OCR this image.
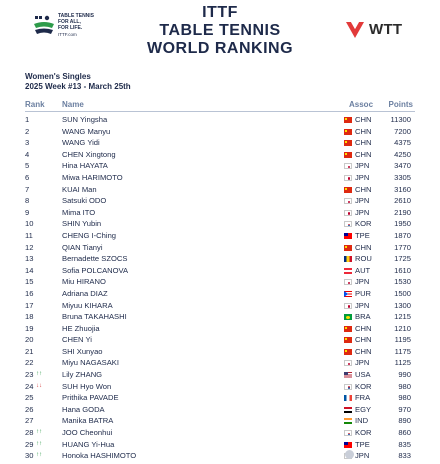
TABLE TENNIS
FOR ALL,
FOR LIFE.
ITTF.com
ITTF
TABLE TENNIS
WORLD RANKING
WTT
Women's Singles
2025 Week #13 - March 25th
Rank Name	Assoc Points
1	SUN Yingsha	CHN 11300
2	WANG Manyu	CHN	7200
3	WANG Yidi	CHN	4375
4	CHEN Xingtong	CHN	4250
5	Hina HAYATA	JPN	3470
6	Miwa HARIMOTO	JPN	3305
7	KUAI Man	CHN	3160
8	Satsuki ODO	JPN	2610
9	Mima ITO	JPN	2190
10	SHIN Yubin	KOR	1950
11	CHENG I-Ching	TPE	1870
12	QIAN Tianyi	CHN	1770
13	Bernadette SZOCS	ROU	1725
14	Sofia POLCANOVA	AUT	1610
15	Miu HIRANO	JPN	1530
16	Adriana DIAZ	PUR	1500
17	Miyuu KIHARA	JPN	1300
18	Bruna TAKAHASHI	BRA	1215
19	HE Zhuojia	CHN	1210
20	CHEN Yi	CHN	1195
21	SHI Xunyao	CHN	1175
22	Miyu NAGASAKI	JPN	1125
23 ↑↑	Lily ZHANG	USA	990
24 ↓↓	SUH Hyo Won	KOR	980
25	Prithika PAVADE	FRA	980
26	Hana GODA	EGY	970
27	Manika BATRA	IND	890
28 ↑↑	JOO Cheonhui	KOR	860
29 ↑↑	HUANG Yi-Hua	TPE	835
30 ↑↑	Honoka HASHIMOTO	JPN	833
